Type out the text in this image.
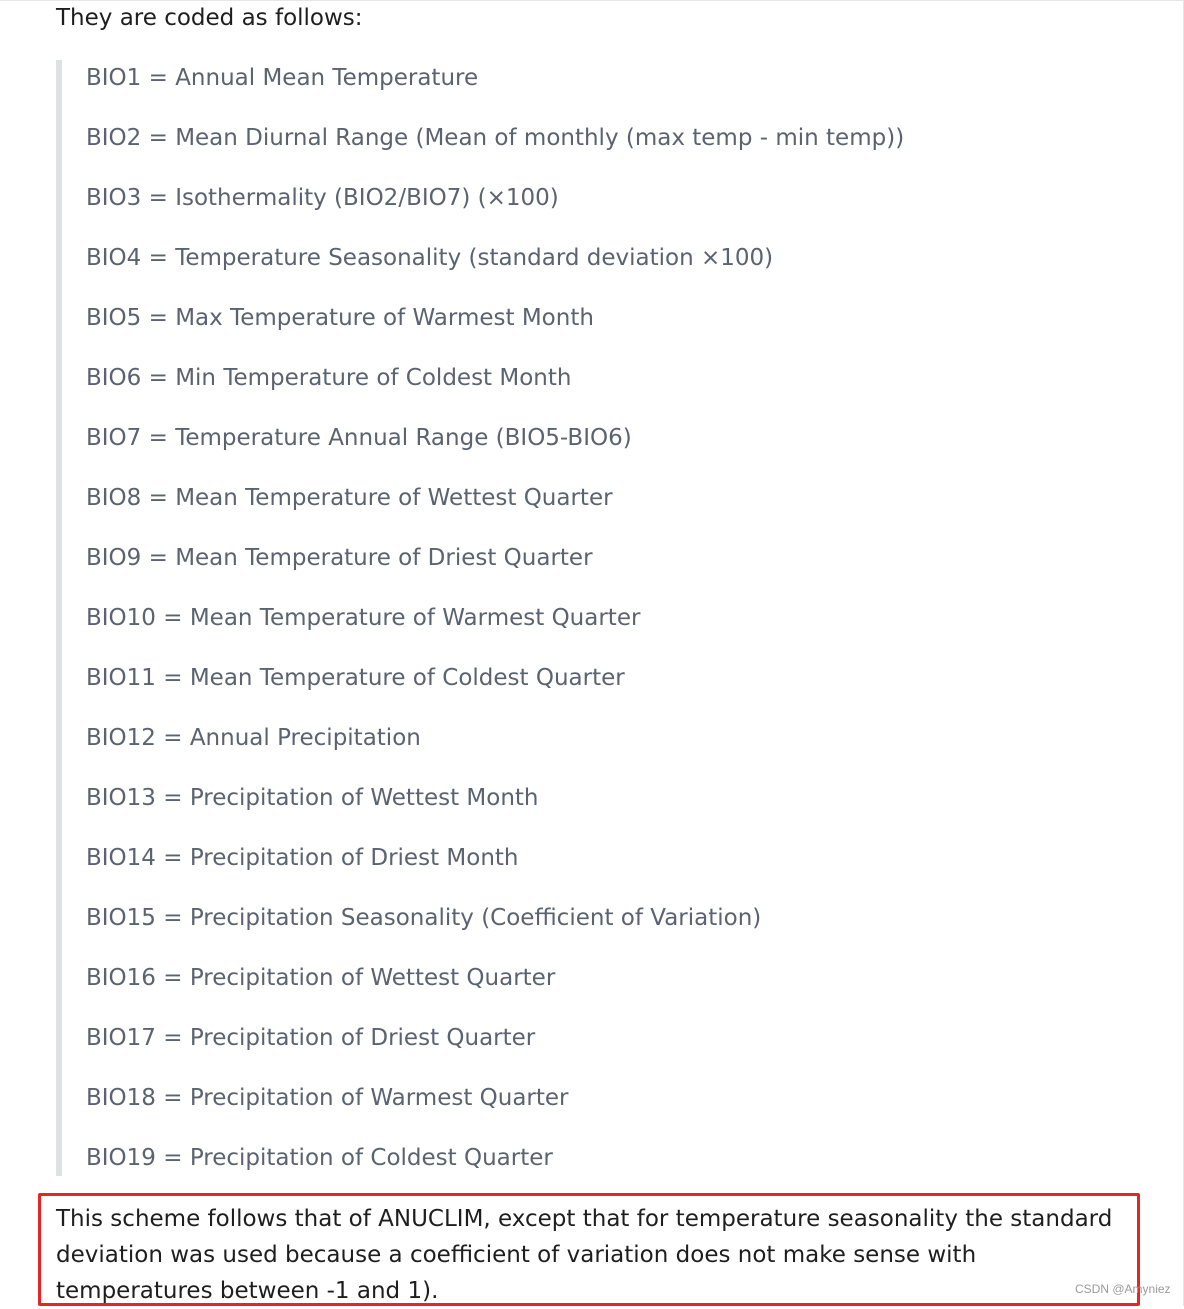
They are coded as follows:
BIO1 = Annual Mean Temperature
BIO2 = Mean Diurnal Range (Mean of monthly (max temp - min temp))
BIO3 = Isothermality (BIO2/BIO7) (×100)
BIO4 = Temperature Seasonality (standard deviation ×100)
BIO5 = Max Temperature of Warmest Month
BIO6 = Min Temperature of Coldest Month
BIO7 = Temperature Annual Range (BIO5-BIO6)
BIO8 = Mean Temperature of Wettest Quarter
BIO9 = Mean Temperature of Driest Quarter
BIO10 = Mean Temperature of Warmest Quarter
BIO11 = Mean Temperature of Coldest Quarter
BIO12 = Annual Precipitation
BIO13 = Precipitation of Wettest Month
BIO14 = Precipitation of Driest Month
BIO15 = Precipitation Seasonality (Coefficient of Variation)
BIO16 = Precipitation of Wettest Quarter
BIO17 = Precipitation of Driest Quarter
BIO18 = Precipitation of Warmest Quarter
BIO19 = Precipitation of Coldest Quarter
This scheme follows that of ANUCLIM, except that for temperature seasonality the standard deviation was used because a coefficient of variation does not make sense with temperatures between -1 and 1).	CSDN @Amyniez
